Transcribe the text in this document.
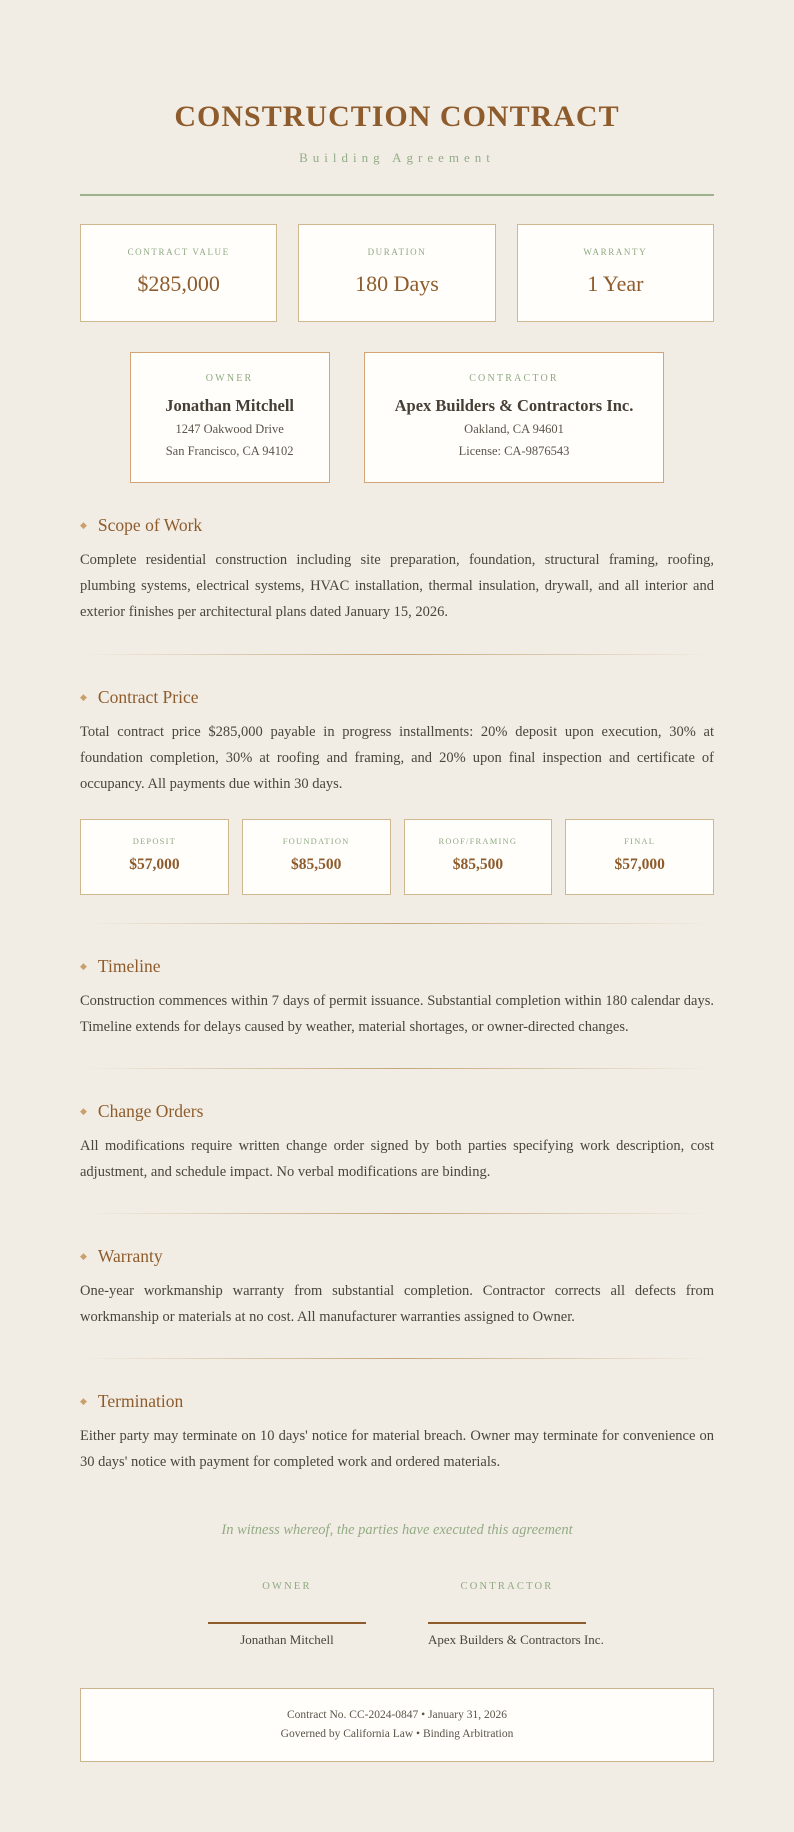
CONSTRUCTION CONTRACT
Building Agreement
CONTRACT VALUE
$285,000
DURATION
180 Days
WARRANTY
1 Year
OWNER
Jonathan Mitchell
1247 Oakwood Drive
San Francisco, CA 94102
CONTRACTOR
Apex Builders & Contractors Inc.
Oakland, CA 94601
License: CA-9876543
◆ Scope of Work

Complete residential construction including site preparation, foundation, structural framing, roofing, plumbing systems, electrical systems, HVAC installation, thermal insulation, drywall, and all interior and exterior finishes per architectural plans dated January 15, 2026.

◆ Contract Price

Total contract price $285,000 payable in progress installments: 20% deposit upon execution, 30% at foundation completion, 30% at roofing and framing, and 20% upon final inspection and certificate of occupancy. All payments due within 30 days.

DEPOSIT
$57,000
FOUNDATION
$85,500
ROOF/FRAMING
$85,500
FINAL
$57,000
◆ Timeline

Construction commences within 7 days of permit issuance. Substantial completion within 180 calendar days. Timeline extends for delays caused by weather, material shortages, or owner-directed changes.

◆ Change Orders

All modifications require written change order signed by both parties specifying work description, cost adjustment, and schedule impact. No verbal modifications are binding.

◆ Warranty

One-year workmanship warranty from substantial completion. Contractor corrects all defects from workmanship or materials at no cost. All manufacturer warranties assigned to Owner.

◆ Termination

Either party may terminate on 10 days' notice for material breach. Owner may terminate for convenience on 30 days' notice with payment for completed work and ordered materials.

In witness whereof, the parties have executed this agreement
OWNER
Jonathan Mitchell
CONTRACTOR
Apex Builders & Contractors Inc.
Contract No. CC-2024-0847 • January 31, 2026
Governed by California Law • Binding Arbitration
